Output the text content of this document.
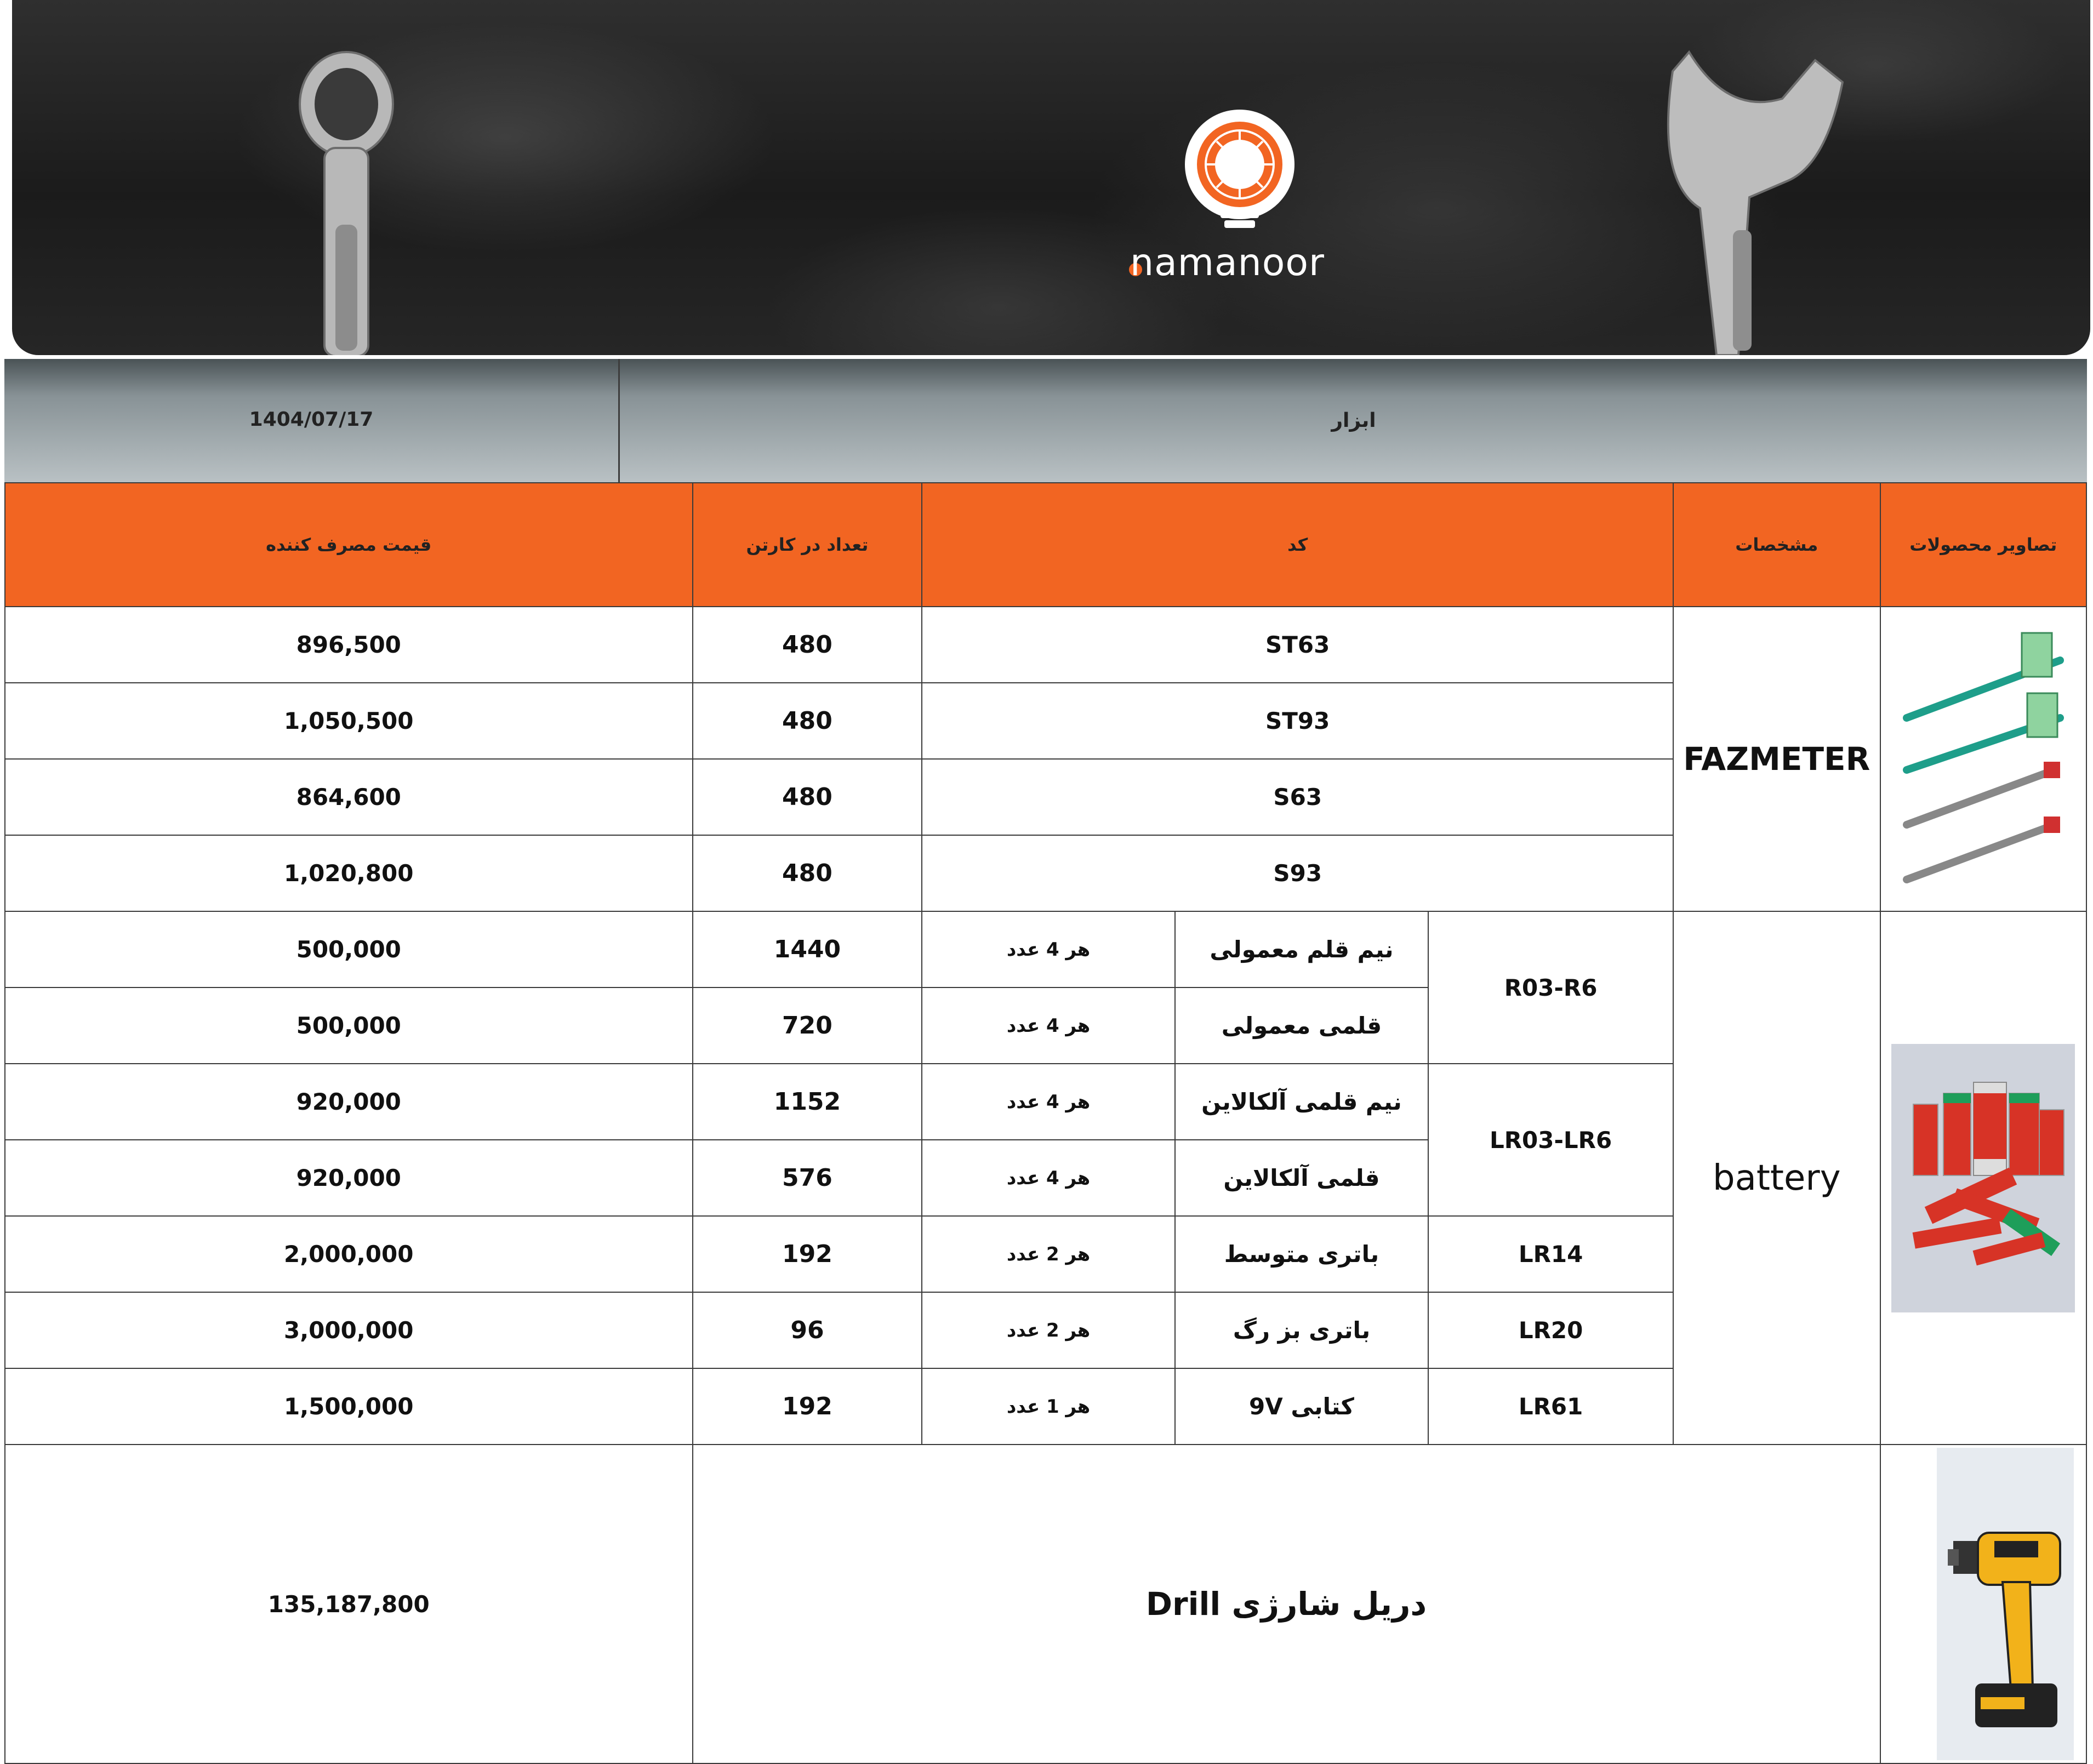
namanoor
1404/07/17	ابزار
تصاویر محصولات	مشخصات	کد			تعداد در کارتن	قیمت مصرف کننده

	FAZMETER	ST63			480	896,500
		ST93			480	1,050,500
		S63			480	864,600
		S93			480	1,020,800

	battery	R03-R6	نیم قلم معمولی	هر 4 عدد	1440	500,000
			قلمی معمولی	هر 4 عدد	720	500,000
		LR03-LR6	نیم قلمی آلکالاین	هر 4 عدد	1152	920,000
			قلمی آلکالاین	هر 4 عدد	576	920,000
		LR14	باتری متوسط	هر 2 عدد	192	2,000,000
		LR20	باتری بز رگ	هر 2 عدد	96	3,000,000
		LR61	کتابی 9V	هر 1 عدد	192	1,500,000

	دریل شارژی Drill					135,187,800
